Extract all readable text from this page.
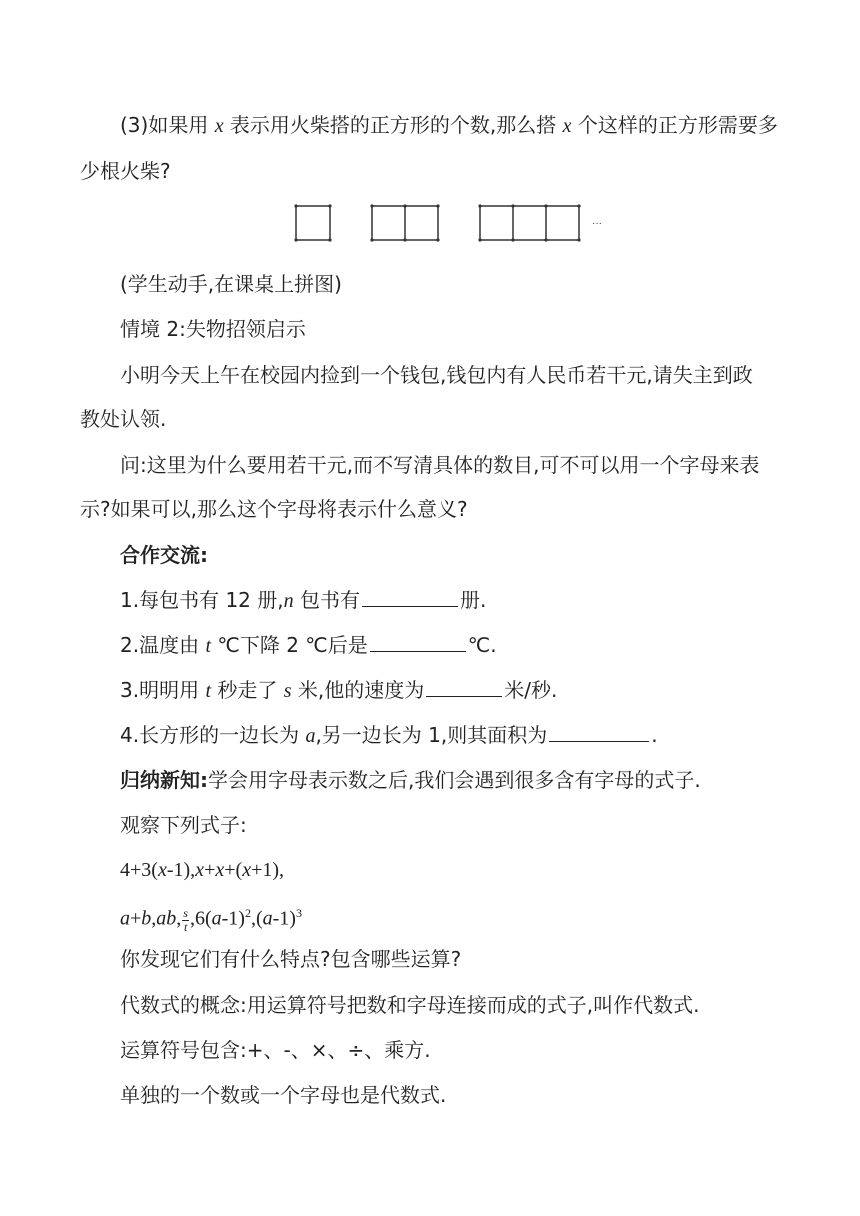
(3)如果用 x 表示用火柴搭的正方形的个数,那么搭 x 个这样的正方形需要多
少根火柴?
···
(学生动手,在课桌上拼图)
情境 2:失物招领启示
小明今天上午在校园内捡到一个钱包,钱包内有人民币若干元,请失主到政
教处认领.
问:这里为什么要用若干元,而不写清具体的数目,可不可以用一个字母来表
示?如果可以,那么这个字母将表示什么意义?
合作交流:
1.每包书有 12 册,n 包书有	册.
2.温度由 t ℃下降 2 ℃后是	℃.
3.明明用 t 秒走了 s 米,他的速度为	米/秒.
4.长方形的一边长为 a,另一边长为 1,则其面积为	.
归纳新知:学会用字母表示数之后,我们会遇到很多含有字母的式子.
观察下列式子:
4+3(x-1),x+x+(x+1),
a+b,ab, $\frac{s}{t} ,6(a-1)^2,(a-1)^3$
你发现它们有什么特点?包含哪些运算?
代数式的概念:用运算符号把数和字母连接而成的式子,叫作代数式.
运算符号包含:+、-、×、÷、乘方.
单独的一个数或一个字母也是代数式.
